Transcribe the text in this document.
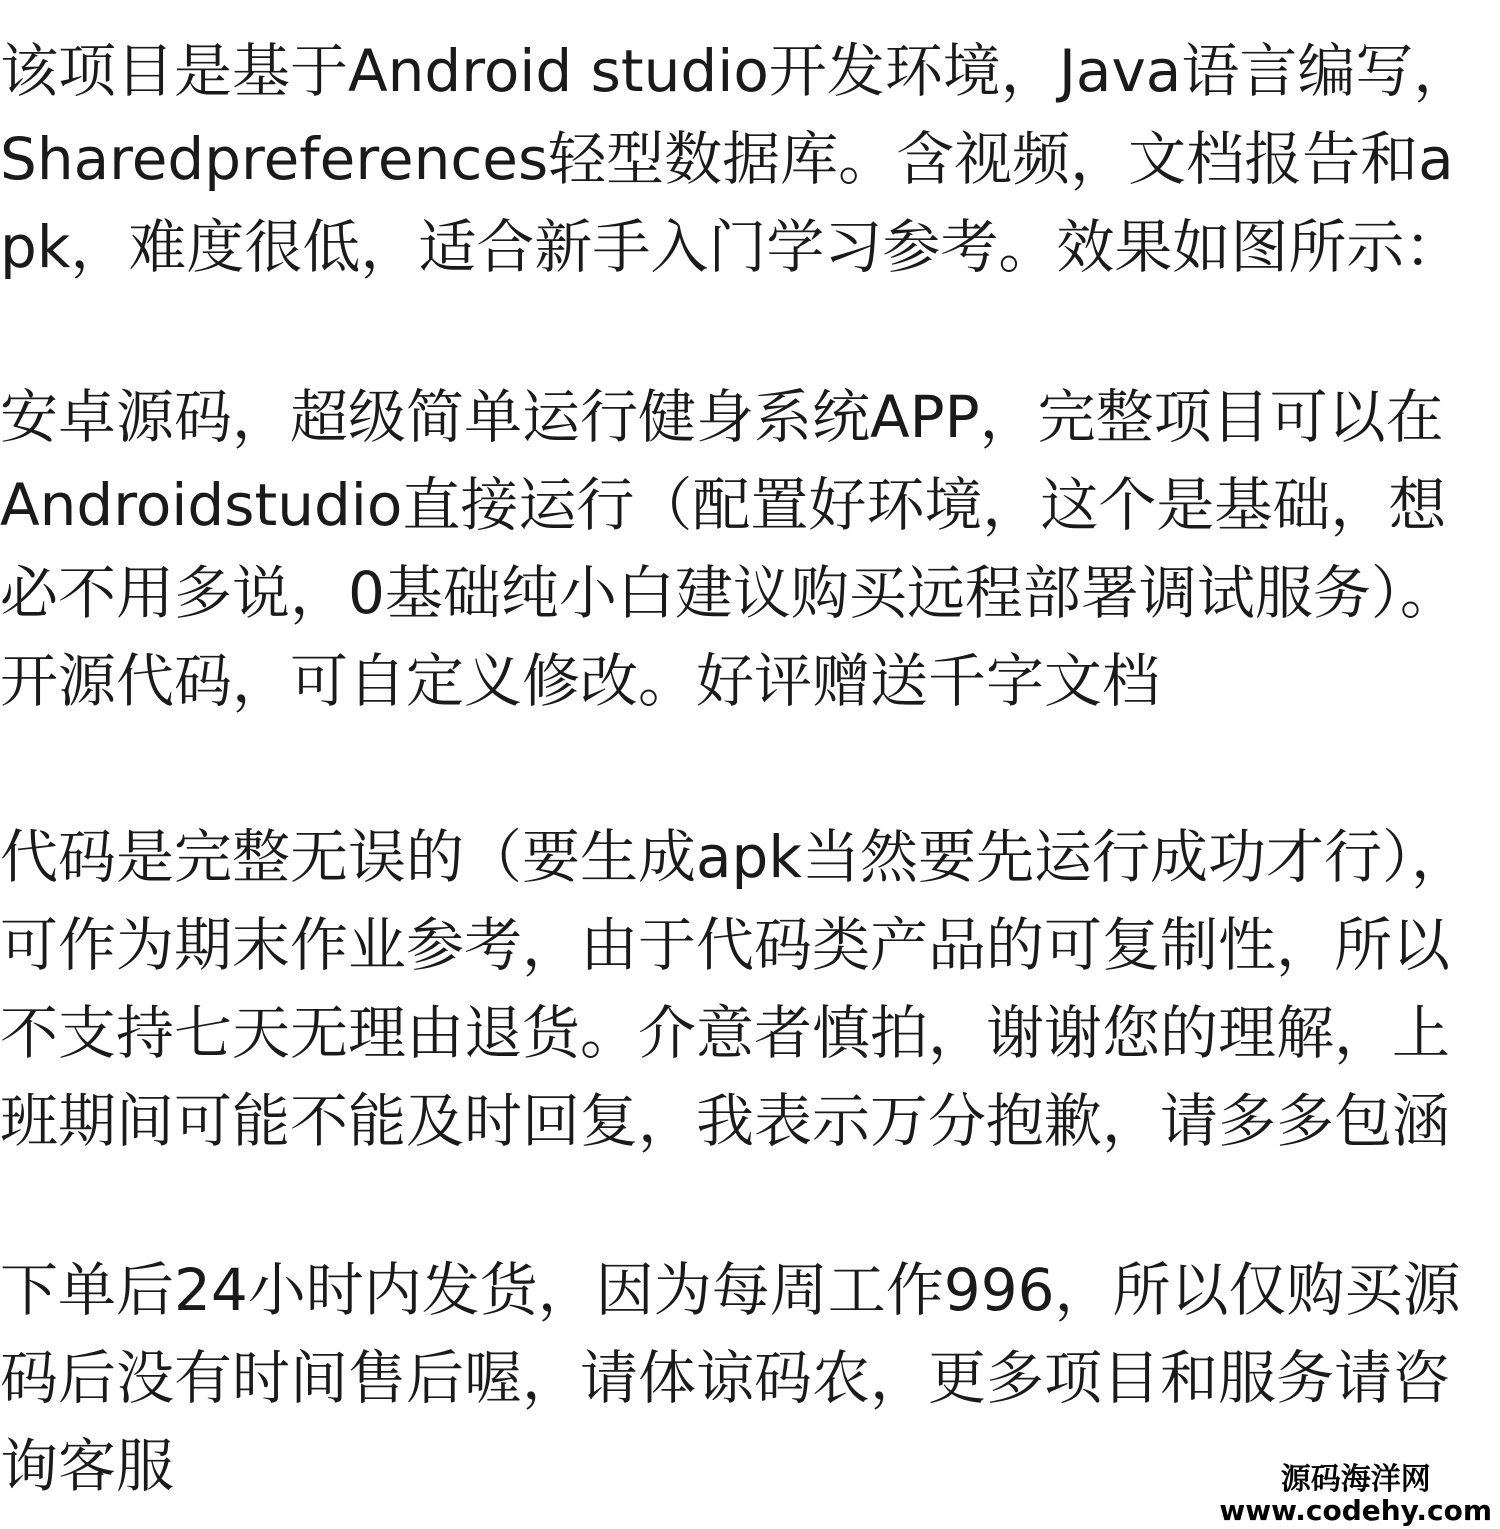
该项目是基于Android studio开发环境，Java语言编写，Sharedpreferences轻型数据库。含视频，文档报告和apk，难度很低，适合新手入门学习参考。效果如图所示：

安卓源码，超级简单运行健身系统APP，完整项目可以在Androidstudio直接运行（配置好环境，这个是基础，想必不用多说，0基础纯小白建议购买远程部署调试服务）。开源代码，可自定义修改。好评赠送千字文档

代码是完整无误的（要生成apk当然要先运行成功才行），可作为期末作业参考，由于代码类产品的可复制性，所以不支持七天无理由退货。介意者慎拍，谢谢您的理解，上班期间可能不能及时回复，我表示万分抱歉，请多多包涵

下单后24小时内发货，因为每周工作996，所以仅购买源码后没有时间售后喔，请体谅码农，更多项目和服务请咨询客服	源码海洋网
www.codehy.com
